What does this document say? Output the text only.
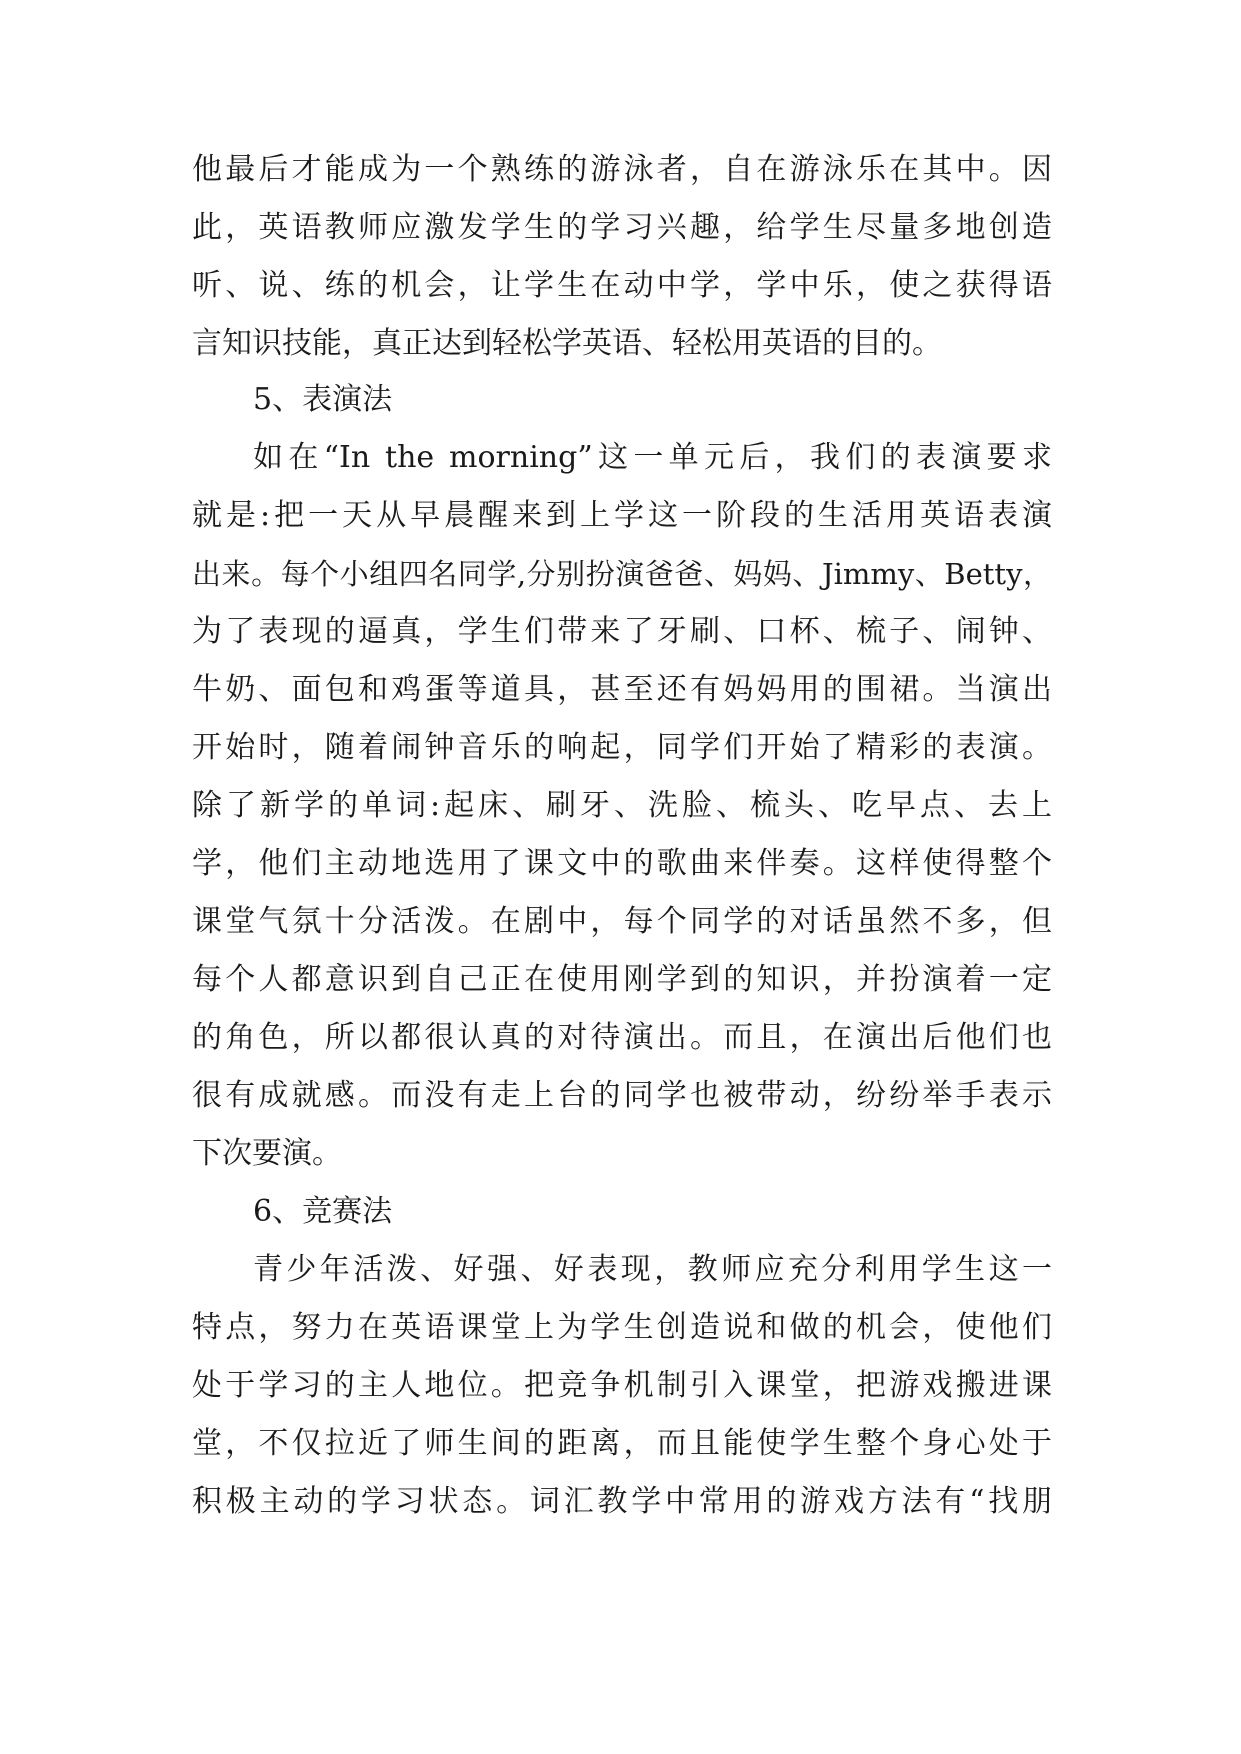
他最后才能成为一个熟练的游泳者，自在游泳乐在其中。因
此，英语教师应激发学生的学习兴趣，给学生尽量多地创造
听、说、练的机会，让学生在动中学，学中乐，使之获得语
言知识技能，真正达到轻松学英语、轻松用英语的目的。
5、表演法
如在“In the morning”这一单元后，我们的表演要求
就是:把一天从早晨醒来到上学这一阶段的生活用英语表演
出来。每个小组四名同学,分别扮演爸爸、妈妈、Jimmy、Betty，
为了表现的逼真，学生们带来了牙刷、口杯、梳子、闹钟、
牛奶、面包和鸡蛋等道具，甚至还有妈妈用的围裙。当演出
开始时，随着闹钟音乐的响起，同学们开始了精彩的表演。
除了新学的单词:起床、刷牙、洗脸、梳头、吃早点、去上
学，他们主动地选用了课文中的歌曲来伴奏。这样使得整个
课堂气氛十分活泼。在剧中，每个同学的对话虽然不多，但
每个人都意识到自己正在使用刚学到的知识，并扮演着一定
的角色，所以都很认真的对待演出。而且，在演出后他们也
很有成就感。而没有走上台的同学也被带动，纷纷举手表示
下次要演。
6、竞赛法
青少年活泼、好强、好表现，教师应充分利用学生这一
特点，努力在英语课堂上为学生创造说和做的机会，使他们
处于学习的主人地位。把竞争机制引入课堂，把游戏搬进课
堂，不仅拉近了师生间的距离，而且能使学生整个身心处于
积极主动的学习状态。词汇教学中常用的游戏方法有“找朋
